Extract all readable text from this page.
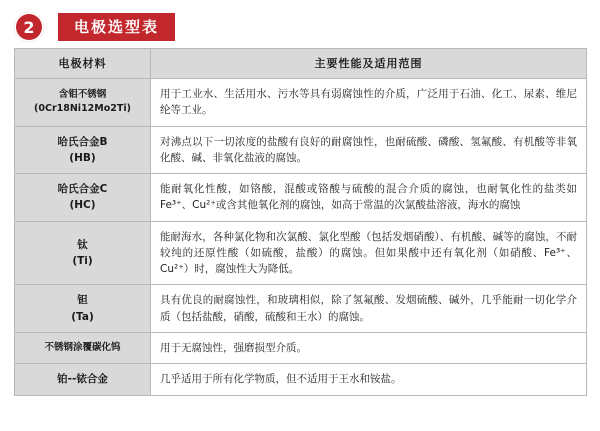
2	电极选型表
电极材料	主要性能及适用范围

含钼不锈钢
(0Cr18Ni12Mo2Ti)	用于工业水、生活用水、污水等具有弱腐蚀性的介质，广泛用于石油、化工、尿素、维尼纶等工业。

哈氏合金B
(HB)	对沸点以下一切浓度的盐酸有良好的耐腐蚀性，也耐硫酸、磷酸、氢氟酸、有机酸等非氧化酸、碱、非氧化盐液的腐蚀。

哈氏合金C
(HC)	能耐氧化性酸，如铬酸，混酸或铬酸与硫酸的混合介质的腐蚀，也耐氧化性的盐类如Fe³⁺、Cu²⁺或含其他氧化剂的腐蚀，如高于常温的次氯酸盐溶液，海水的腐蚀

钛
(Ti)	能耐海水，各种氯化物和次氯酸、氯化型酸（包括发烟硝酸）、有机酸、碱等的腐蚀，不耐较纯的还原性酸（如硫酸，盐酸）的腐蚀。但如果酸中还有氧化剂（如硝酸、Fe³⁺、Cu²⁺）时，腐蚀性大为降低。

钽
(Ta)	具有优良的耐腐蚀性，和玻璃相似，除了氢氟酸、发烟硫酸、碱外，几乎能耐一切化学介质（包括盐酸，硝酸，硫酸和王水）的腐蚀。

不锈钢涂覆碳化钨	用于无腐蚀性，强磨损型介质。

铂--铱合金	几乎适用于所有化学物质，但不适用于王水和铵盐。
